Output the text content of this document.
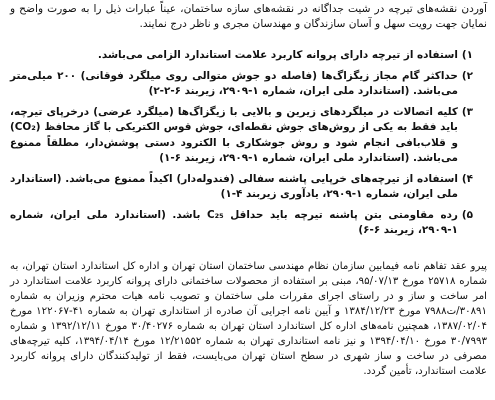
آوردن نقشه‌های تیرچه در شیت جداگانه در نقشه‌های سازه ساختمان، عیناً عبارات ذیل را به صورت واضح و نمایان جهت رویت سهل و آسان سازندگان و مهندسان مجری و ناظر درج نمایند.

۱)
استفاده از تیرچه دارای پروانه کاربرد علامت استاندارد الزامی می‌باشد.
۲)
حداکثر گام مجاز زیگزاگ‌ها (فاصله دو جوش متوالی روی میلگرد فوقانی) ۲۰۰ میلی‌متر می‌باشد. (استاندارد ملی ایران، شماره ۱-۲۹۰۹، زیربند ۶-۲-۲)
۳)
کلیه اتصالات در میلگردهای زیرین و بالایی با زیگزاگ‌ها (میلگرد عرضی) درخرپای تیرچه، باید فقط به یکی از روش‌های جوش نقطه‌ای، جوش قوس الکتریکی با گاز محافظ (CO₂) و قلاب‌بافی انجام شود و روش جوشکاری با الکترود دستی پوشش‌دار، مطلقاً ممنوع می‌باشد. (استاندارد ملی ایران، شماره ۱-۲۹۰۹، زیربند ۶-۱)
۴)
استفاده از تیرچه‌های خرپایی پاشنه سفالی (فندوله‌دار) اکیداً ممنوع می‌باشد. (استاندارد ملی ایران، شماره ۱-۲۹۰۹، یادآوری زیربند ۴-۱)
۵)
رده مقاومتی بتن پاشنه تیرچه باید حداقل C₂₅ باشد. (استاندارد ملی ایران، شماره ۱-۲۹۰۹، زیربند ۶-۶)

پیرو عقد تفاهم نامه فیمابین سازمان نظام مهندسی ساختمان استان تهران و اداره کل استاندارد استان تهران، به شماره ۲۵۷۱۸ مورخ ۹۵/۰۷/۱۳، مبنی بر استفاده از محصولات ساختمانی دارای پروانه کاربرد علامت استاندارد در امر ساخت و ساز و در راستای اجرای مقررات ملی ساختمان و تصویب نامه هیات محترم وزیران به شماره ۳۰۸۹۱/ت۷۹۸۸ مورخ ۱۳۸۴/۱۲/۲۳ و آیین نامه اجرایی آن صادره از استانداری تهران به شماره ۴۱-۱۲۲۰۶۷ مورخ ۱۳۸۷/۰۲/۰۴، همچنین نامه‌های اداره کل استاندارد استان تهران به شماره ۳۰/۴۰۲۷۶ مورخ ۱۳۹۲/۱۲/۱۱ و شماره ۳۰/۷۹۹۳ مورخ ۱۳۹۴/۰۴/۱۰ و نیز نامه استانداری تهران به شماره ۱۲/۲۱۵۵۲ مورخ ۱۳۹۴/۰۴/۱۴، کلیه تیرچه‌های مصرفی در ساخت و ساز شهری در سطح استان تهران می‌بایست، فقط از تولیدکنندگان دارای پروانه کاربرد علامت استاندارد، تأمین گردد.
